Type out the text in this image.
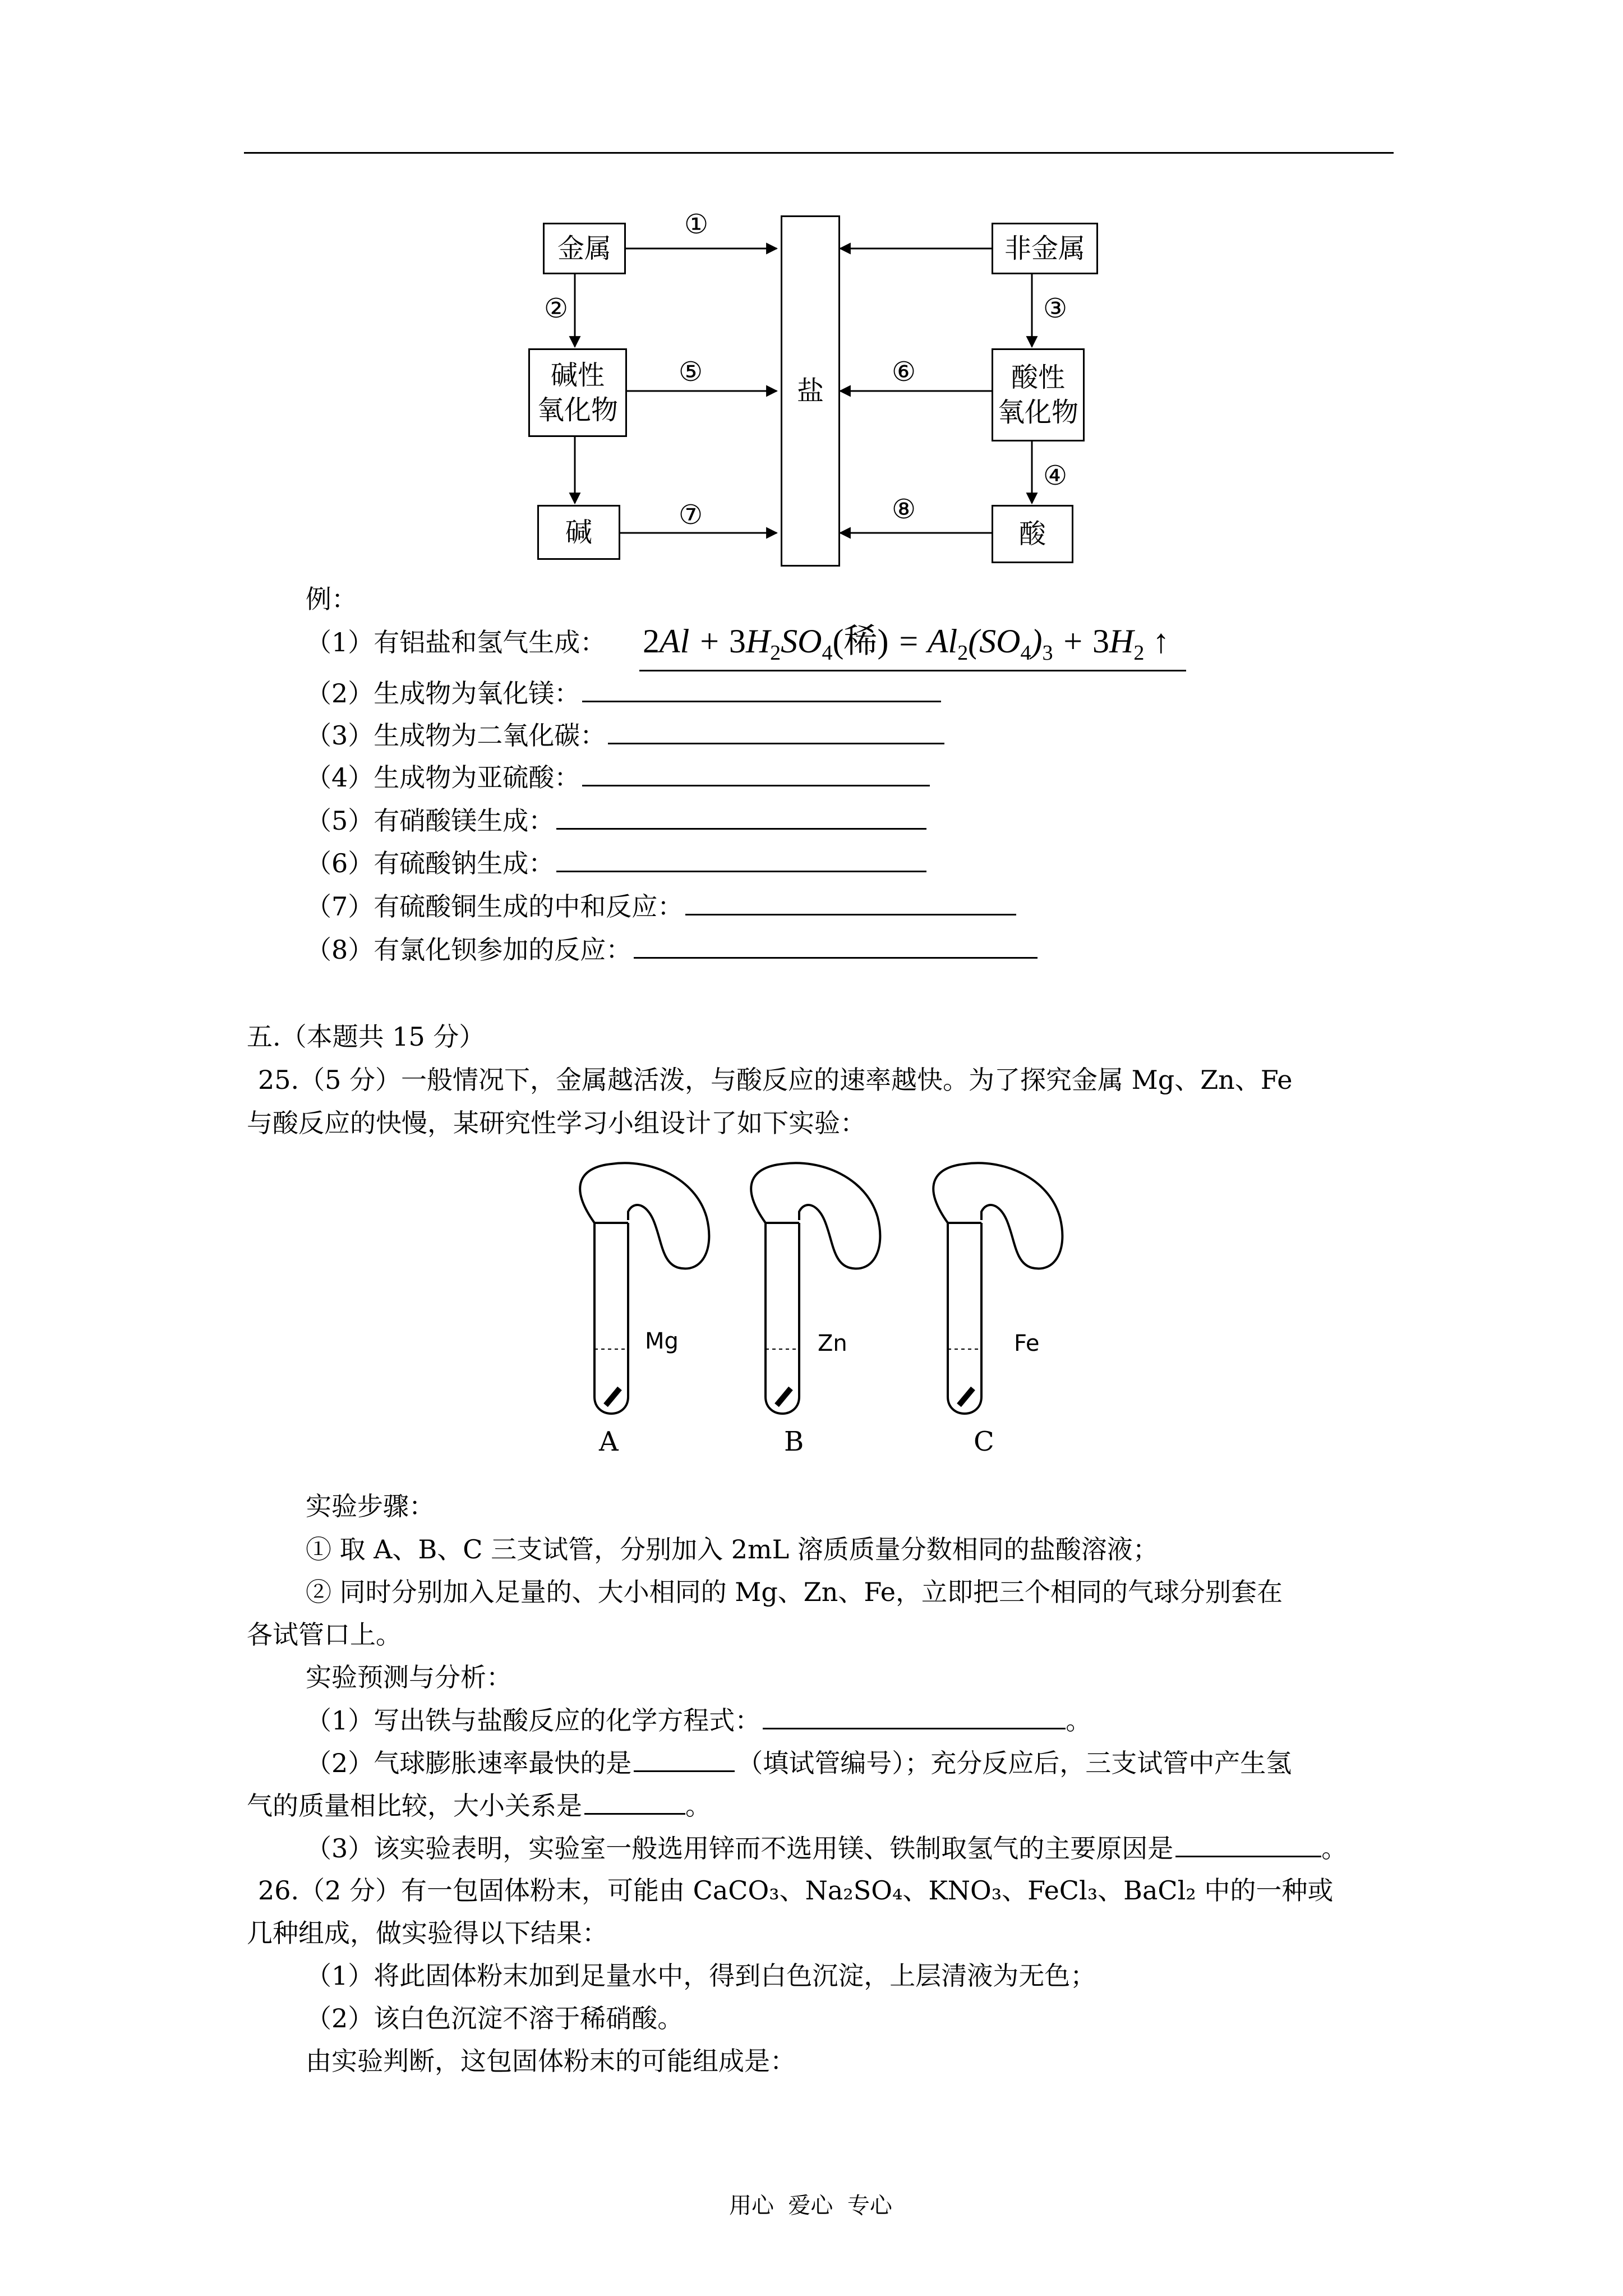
金属	非金属
碱性
氧化物
酸性
氧化物
碱	酸
盐
①
②	③
④
⑤	⑥
⑦	⑧
例：
（1）有铝盐和氢气生成： $2Al + 3H_2SO_4$(稀) = $Al_2(SO_4)_3 + 3H_2$ ↑
（2）生成物为氧化镁：
（3）生成物为二氧化碳：
（4）生成物为亚硫酸：
（5）有硝酸镁生成：
（6）有硫酸钠生成：
（7）有硫酸铜生成的中和反应：
（8）有氯化钡参加的反应：
五.（本题共 15 分）
25.（5 分）一般情况下，金属越活泼，与酸反应的速率越快。为了探究金属 Mg、Zn、Fe
与酸反应的快慢，某研究性学习小组设计了如下实验：
Mg	Zn	Fe
A	B	C
实验步骤：
① 取 A、B、C 三支试管，分别加入 2mL 溶质质量分数相同的盐酸溶液；
② 同时分别加入足量的、大小相同的 Mg、Zn、Fe，立即把三个相同的气球分别套在
各试管口上。
实验预测与分析：
（1）写出铁与盐酸反应的化学方程式：	。
（2）气球膨胀速率最快的是	（填试管编号）；充分反应后，三支试管中产生氢
气的质量相比较，大小关系是	。
（3）该实验表明，实验室一般选用锌而不选用镁、铁制取氢气的主要原因是	。
26.（2 分）有一包固体粉末，可能由 CaCO₃、Na₂SO₄、KNO₃、FeCl₃、BaCl₂ 中的一种或
几种组成，做实验得以下结果：
（1）将此固体粉末加到足量水中，得到白色沉淀，上层清液为无色；
（2）该白色沉淀不溶于稀硝酸。
由实验判断，这包固体粉末的可能组成是：
用心  爱心  专心
